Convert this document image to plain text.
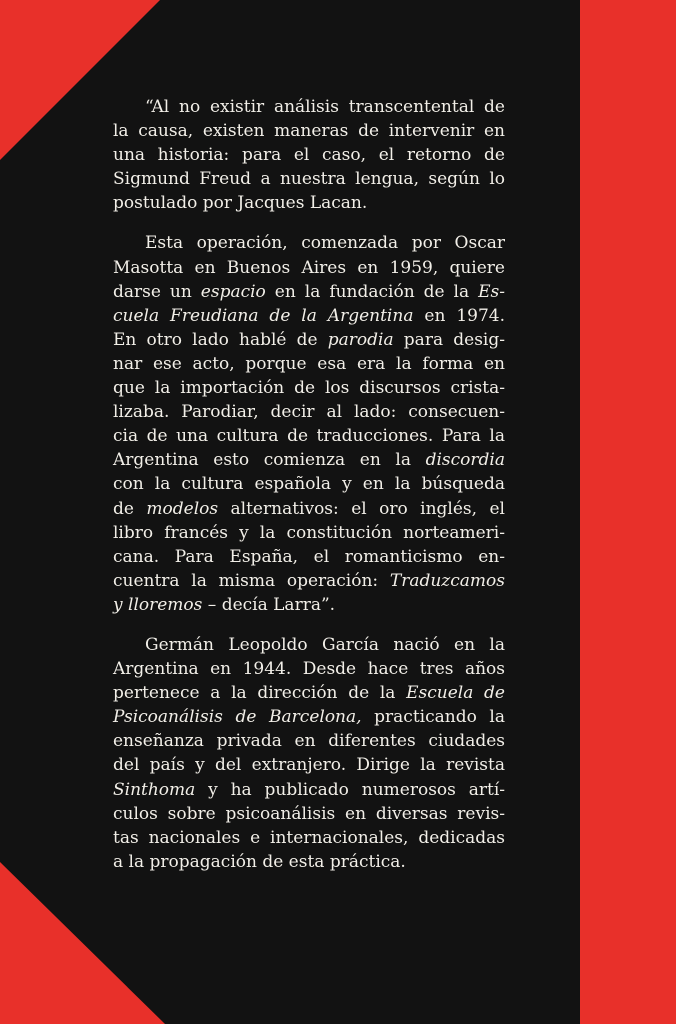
“Al no existir análisis transcentental de
la causa, existen maneras de intervenir en
una historia: para el caso, el retorno de
Sigmund Freud a nuestra lengua, según lo
postulado por Jacques Lacan.

Esta operación, comenzada por Oscar
Masotta en Buenos Aires en 1959, quiere
darse un espacio en la fundación de la Es-
cuela Freudiana de la Argentina en 1974.
En otro lado hablé de parodia para desig-
nar ese acto, porque esa era la forma en
que la importación de los discursos crista-
lizaba. Parodiar, decir al lado: consecuen-
cia de una cultura de traducciones. Para la
Argentina esto comienza en la discordia
con la cultura española y en la búsqueda
de modelos alternativos: el oro inglés, el
libro francés y la constitución norteameri-
cana. Para España, el romanticismo en-
cuentra la misma operación: Traduzcamos
y lloremos – decía Larra”.

Germán Leopoldo García nació en la
Argentina en 1944. Desde hace tres años
pertenece a la dirección de la Escuela de
Psicoanálisis de Barcelona, practicando la
enseñanza privada en diferentes ciudades
del país y del extranjero. Dirige la revista
Sinthoma y ha publicado numerosos artí-
culos sobre psicoanálisis en diversas revis-
tas nacionales e internacionales, dedicadas
a la propagación de esta práctica.
